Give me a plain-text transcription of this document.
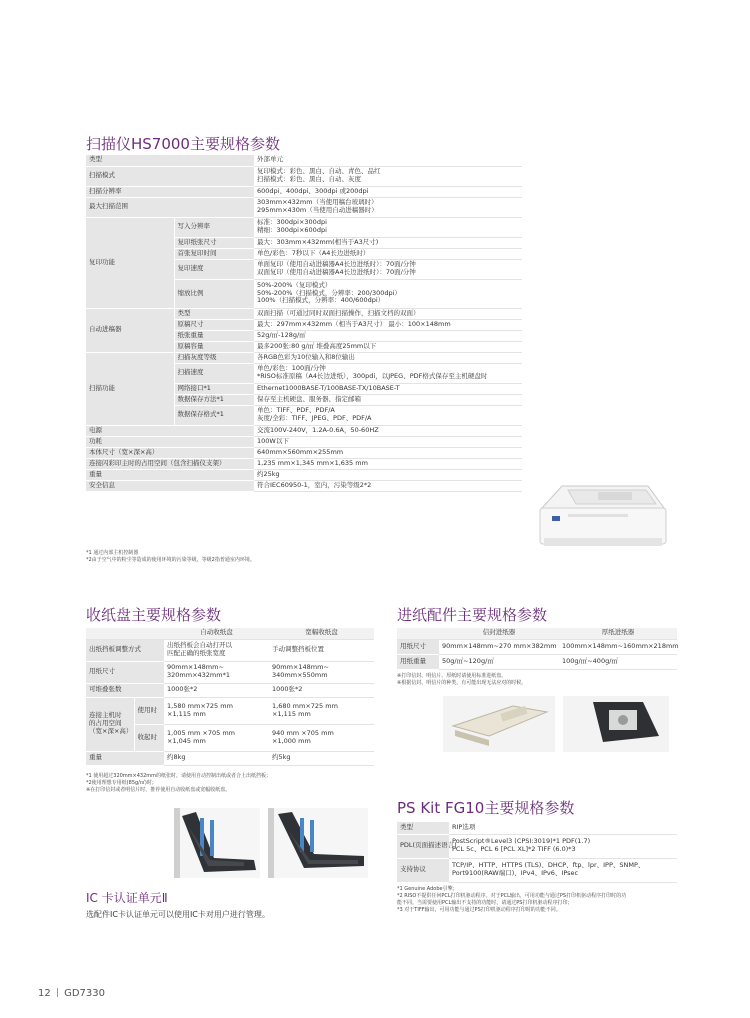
扫描仪HS7000主要规格参数
类型		外部单元

扫描模式		复印模式：彩色、黑白、自动、青色、品红
扫描模式：彩色、黑白、自动、灰度

扫描分辨率		600dpi、400dpi、300dpi 或200dpi

最大扫描范围		303mm×432mm（当使用稿台玻璃时）
295mm×430m（当使用自动进稿器时）

复印功能	写入分辨率	标准：300dpi×300dpi
精细：300dpi×600dpi

	复印纸张尺寸	最大：303mm×432mm(相当于A3尺寸)

	首张复印时间	单色/彩色：7秒以下（A4长边进纸时）

	复印速度	单面复印（使用自动进稿器A4长边进纸时）：70面/分钟
双面复印（使用自动进稿器A4长边进纸时）：70面/分钟

	缩放比例	50%-200%（复印模式）
50%-200%（扫描模式，分辨率：200/300dpi）
100%（扫描模式，分辨率：400/600dpi）

自动进稿器	类型	双面扫描（可通过同时双面扫描操作，扫描文档的双面）

	原稿尺寸	最大：297mm×432mm（相当于A3尺寸） 最小：100×148mm

	纸张重量	52g/㎡-128g/㎡

	原稿容量	最多200张:80 g/㎡ 堆叠高度25mm以下

扫描功能	扫描灰度等级	各RGB色彩为10位输入和8位输出

	扫描速度	单色/彩色：100面/分钟
*RISO标准原稿（A4长边进纸），300pdi，以JPEG、PDF格式保存至主机硬盘时

	网络接口*1	Ethernet1000BASE-T/100BASE-TX/10BASE-T

	数据保存方法*1	保存至主机硬盘、服务器、指定邮箱

	数据保存格式*1	单色：TIFF、PDF、PDF/A
灰度/全彩：TIFF、JPEG、PDF、PDF/A

电源		交流100V-240V，1.2A-0.6A，50-60HZ

功耗		100W以下

本体尺寸（宽×深×高）		640mm×560mm×255mm

连接闪彩印主时的占用空间（包含扫描仪支架）		1,235 mm×1,345 mm×1,635 mm

重量		约25kg

安全信息		符合IEC60950-1，室内，污染等级2*2
*1 通过内部主机控制器
*2由于空气中的粉尘等造成的使用环境的污染等级，等级2指普通室内环境。
收纸盘主要规格参数
		自动收纸盘	宽幅收纸盘
出纸挡板调整方式		出纸挡板会自动打开以
匹配正确的纸张宽度	手动调整挡板位置

用纸尺寸		90mm×148mm~
320mm×432mm*1	90mm×148mm~
340mm×550mm

可堆叠张数		1000张*2	1000张*2

连接主机时
的占用空间
（宽×深×高）	使用时	1,580 mm×725 mm
×1,115 mm	1,680 mm×725 mm
×1,115 mm

	收起时	1,005 mm ×705 mm
×1,045 mm	940 mm ×705 mm
×1,000 mm

重量		约8kg	约5kg
*1 使用超过320mm×432mm的纸张时，请使用自动控制出纸或者合上出纸挡板；
*2使用理想专用纸(85g/㎡)时；
※在打印信封或者明信片时，推荐使用自动收纸盘或宽幅收纸盘。
IC 卡认证单元Ⅱ
选配件IC卡认证单元可以使用IC卡对用户进行管理。
进纸配件主要规格参数
	信封进纸器	厚纸进纸器
用纸尺寸	90mm×148mm~270 mm×382mm	100mm×148mm~160mm×218mm
用纸重量	50g/㎡~120g/㎡	100g/㎡~400g/㎡
※打印信封、明信片、厚纸时请使用标准进纸盘。
※根据信封、明信片的种类，有可能出现无法应对的时候。
PS Kit FG10主要规格参数
类型	RIP选项
PDL(页面描述语言)	PostScript®Level3 (CPSI:3019)*1 PDF(1.7)
PCL 5c、PCL 6 [PCL XL]*2 TIFF (6.0)*3

支持协议	TCP/IP、HTTP、HTTPS (TLS)、DHCP、ftp、lpr、IPP、SNMP、
Port9100(RAW端口)、IPv4、IPv6、IPsec
*1 Genuine Adobe引擎；
*2 RISO不提供任何PCL打印机驱动程序。对于PCL输出，可用功能与通过PS打印机驱动程序打印时的功
能不同。当需要使用PCL输出不支持的功能时，请通过PS打印机驱动程序打印；
*3 对于TIFF输出，可用功能与通过PS打印机驱动程序打印时的功能不同。
12 GD7330
